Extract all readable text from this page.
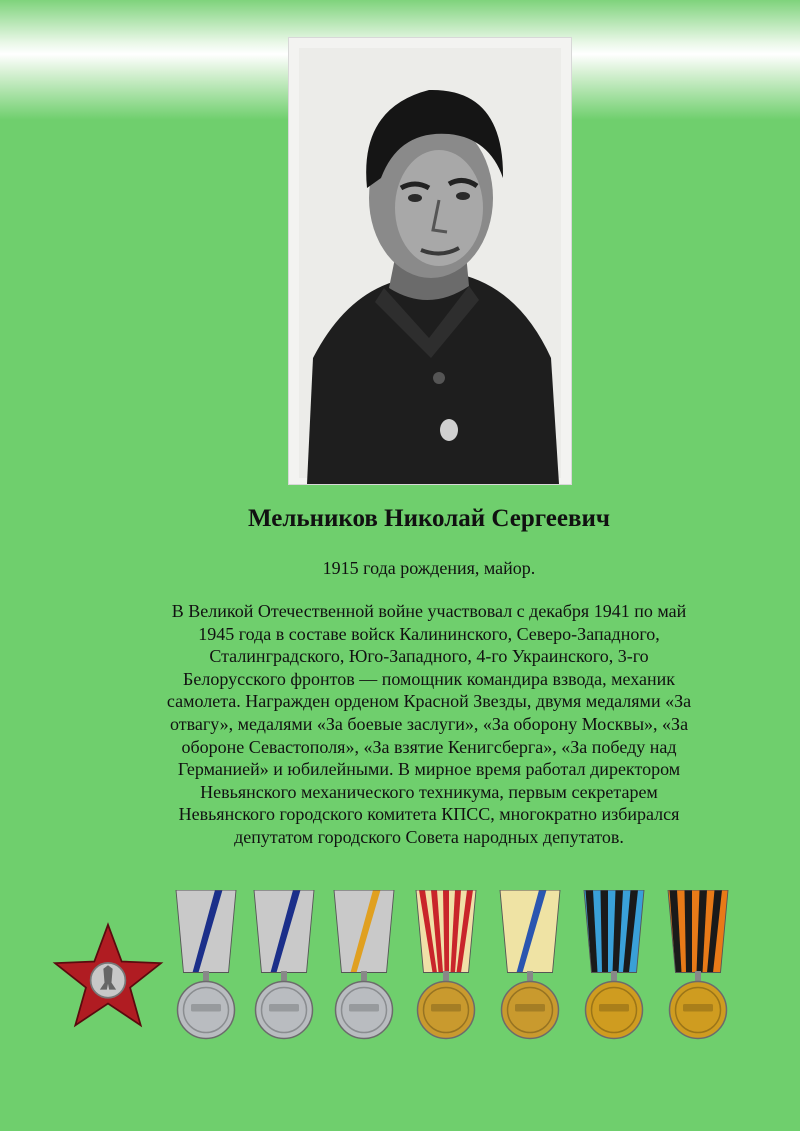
Мельников Николай Сергеевич
1915 года рождения, майор.
В Великой Отечественной войне участвовал с декабря 1941 по май
1945 года в составе войск Калининского, Северо-Западного,
Сталинградского, Юго-Западного, 4-го Украинского, 3-го
Белорусского фронтов — помощник командира взвода, механик
самолета. Награжден орденом Красной Звезды, двумя медалями «За
отвагу», медалями «За боевые заслуги», «За оборону Москвы», «За
обороне Севастополя», «За взятие Кенигсберга», «За победу над
Германией» и юбилейными. В мирное время работал директором
Невьянского механического техникума, первым секретарем
Невьянского городского комитета КПСС, многократно избирался
депутатом городского Совета народных депутатов.
